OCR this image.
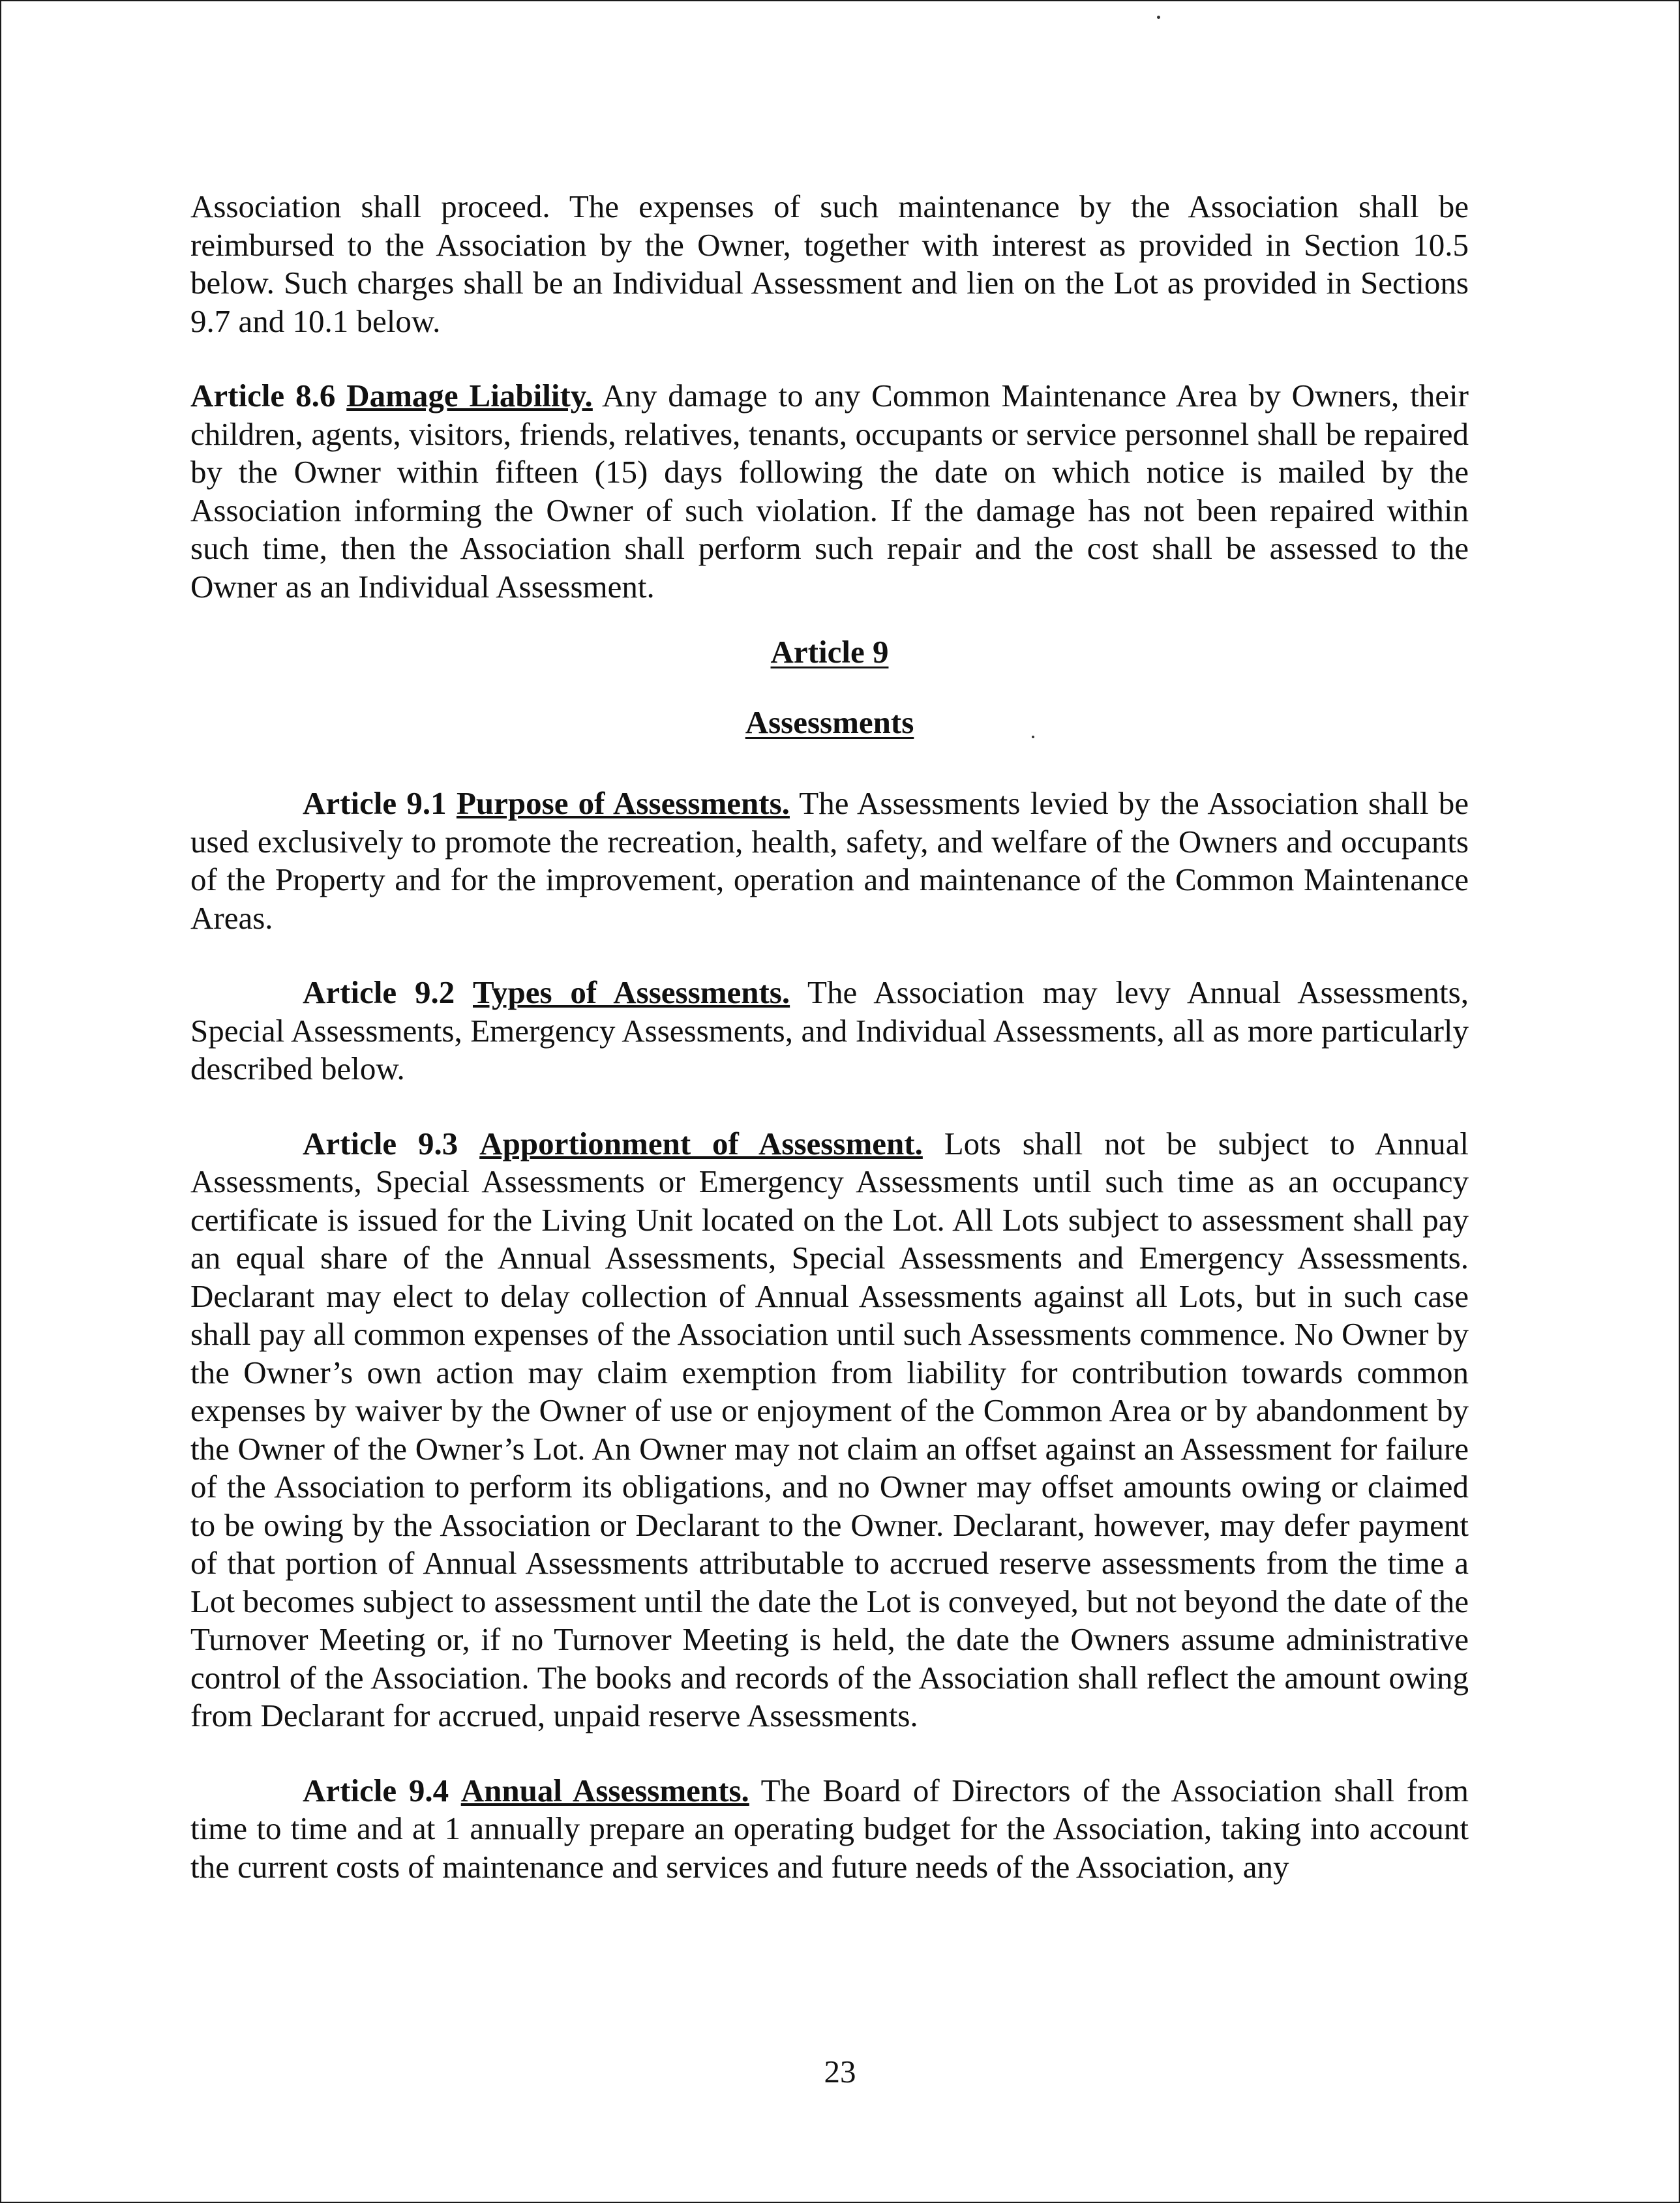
Association shall proceed. The expenses of such maintenance by the Association shall be reimbursed to the Association by the Owner, together with interest as provided in Section 10.5 below. Such charges shall be an Individual Assessment and lien on the Lot as provided in Sections 9.7 and 10.1 below.

Article 8.6 Damage Liability. Any damage to any Common Maintenance Area by Owners, their children, agents, visitors, friends, relatives, tenants, occupants or service personnel shall be repaired by the Owner within fifteen (15) days following the date on which notice is mailed by the Association informing the Owner of such violation. If the damage has not been repaired within such time, then the Association shall perform such repair and the cost shall be assessed to the Owner as an Individual Assessment.

Article 9
Assessments

Article 9.1 Purpose of Assessments. The Assessments levied by the Association shall be used exclusively to promote the recreation, health, safety, and welfare of the Owners and occupants of the Property and for the improvement, operation and maintenance of the Common Maintenance Areas.

Article 9.2 Types of Assessments. The Association may levy Annual Assessments, Special Assessments, Emergency Assessments, and Individual Assessments, all as more particularly described below.

Article 9.3 Apportionment of Assessment. Lots shall not be subject to Annual Assessments, Special Assessments or Emergency Assessments until such time as an occupancy certificate is issued for the Living Unit located on the Lot. All Lots subject to assessment shall pay an equal share of the Annual Assessments, Special Assessments and Emergency Assessments. Declarant may elect to delay collection of Annual Assessments against all Lots, but in such case shall pay all common expenses of the Association until such Assessments commence. No Owner by the Owner’s own action may claim exemption from liability for contribution towards common expenses by waiver by the Owner of use or enjoyment of the Common Area or by abandonment by the Owner of the Owner’s Lot. An Owner may not claim an offset against an Assessment for failure of the Association to perform its obligations, and no Owner may offset amounts owing or claimed to be owing by the Association or Declarant to the Owner. Declarant, however, may defer payment of that portion of Annual Assessments attributable to accrued reserve assessments from the time a Lot becomes subject to assessment until the date the Lot is conveyed, but not beyond the date of the Turnover Meeting or, if no Turnover Meeting is held, the date the Owners assume administrative control of the Association. The books and records of the Association shall reflect the amount owing from Declarant for accrued, unpaid reserve Assessments.

Article 9.4 Annual Assessments. The Board of Directors of the Association shall from time to time and at 1 annually prepare an operating budget for the Association, taking into account the current costs of maintenance and services and future needs of the Association, any

23
